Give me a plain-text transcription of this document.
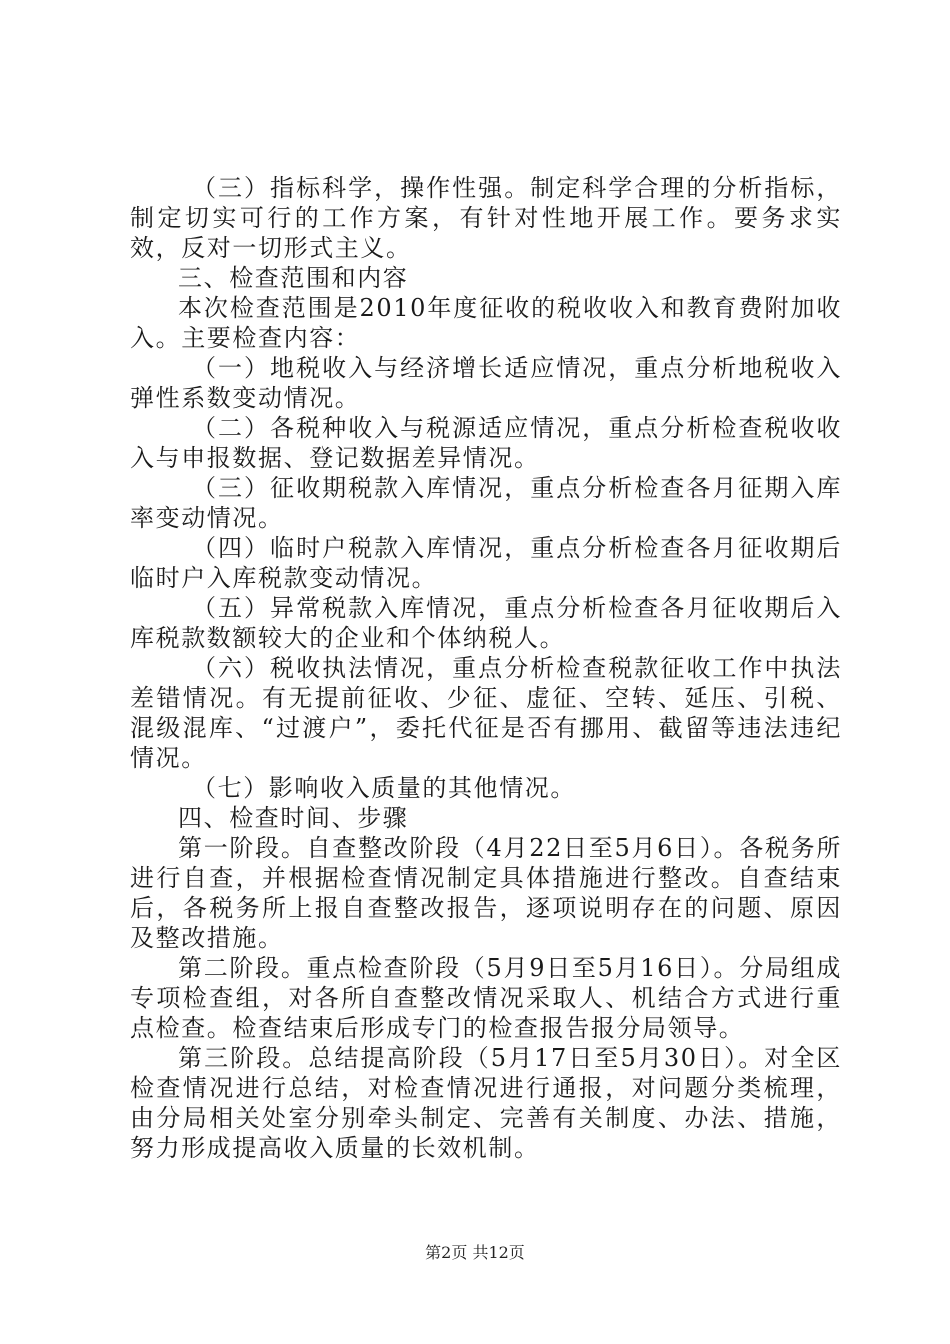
（三）指标科学，操作性强。制定科学合理的分析指标，制定切实可行的工作方案，有针对性地开展工作。要务求实效，反对一切形式主义。

三、检查范围和内容

本次检查范围是2010年度征收的税收收入和教育费附加收入。主要检查内容：

（一）地税收入与经济增长适应情况，重点分析地税收入弹性系数变动情况。

（二）各税种收入与税源适应情况，重点分析检查税收收入与申报数据、登记数据差异情况。

（三）征收期税款入库情况，重点分析检查各月征期入库率变动情况。

（四）临时户税款入库情况，重点分析检查各月征收期后临时户入库税款变动情况。

（五）异常税款入库情况，重点分析检查各月征收期后入库税款数额较大的企业和个体纳税人。

（六）税收执法情况，重点分析检查税款征收工作中执法差错情况。有无提前征收、少征、虚征、空转、延压、引税、混级混库、“过渡户”，委托代征是否有挪用、截留等违法违纪情况。

（七）影响收入质量的其他情况。

四、检查时间、步骤

第一阶段。自查整改阶段（4月22日至5月6日）。各税务所进行自查，并根据检查情况制定具体措施进行整改。自查结束后，各税务所上报自查整改报告，逐项说明存在的问题、原因及整改措施。

第二阶段。重点检查阶段（5月9日至5月16日）。分局组成专项检查组，对各所自查整改情况采取人、机结合方式进行重点检查。检查结束后形成专门的检查报告报分局领导。

第三阶段。总结提高阶段（5月17日至5月30日）。对全区检查情况进行总结，对检查情况进行通报，对问题分类梳理，由分局相关处室分别牵头制定、完善有关制度、办法、措施，努力形成提高收入质量的长效机制。

第2页 共12页
